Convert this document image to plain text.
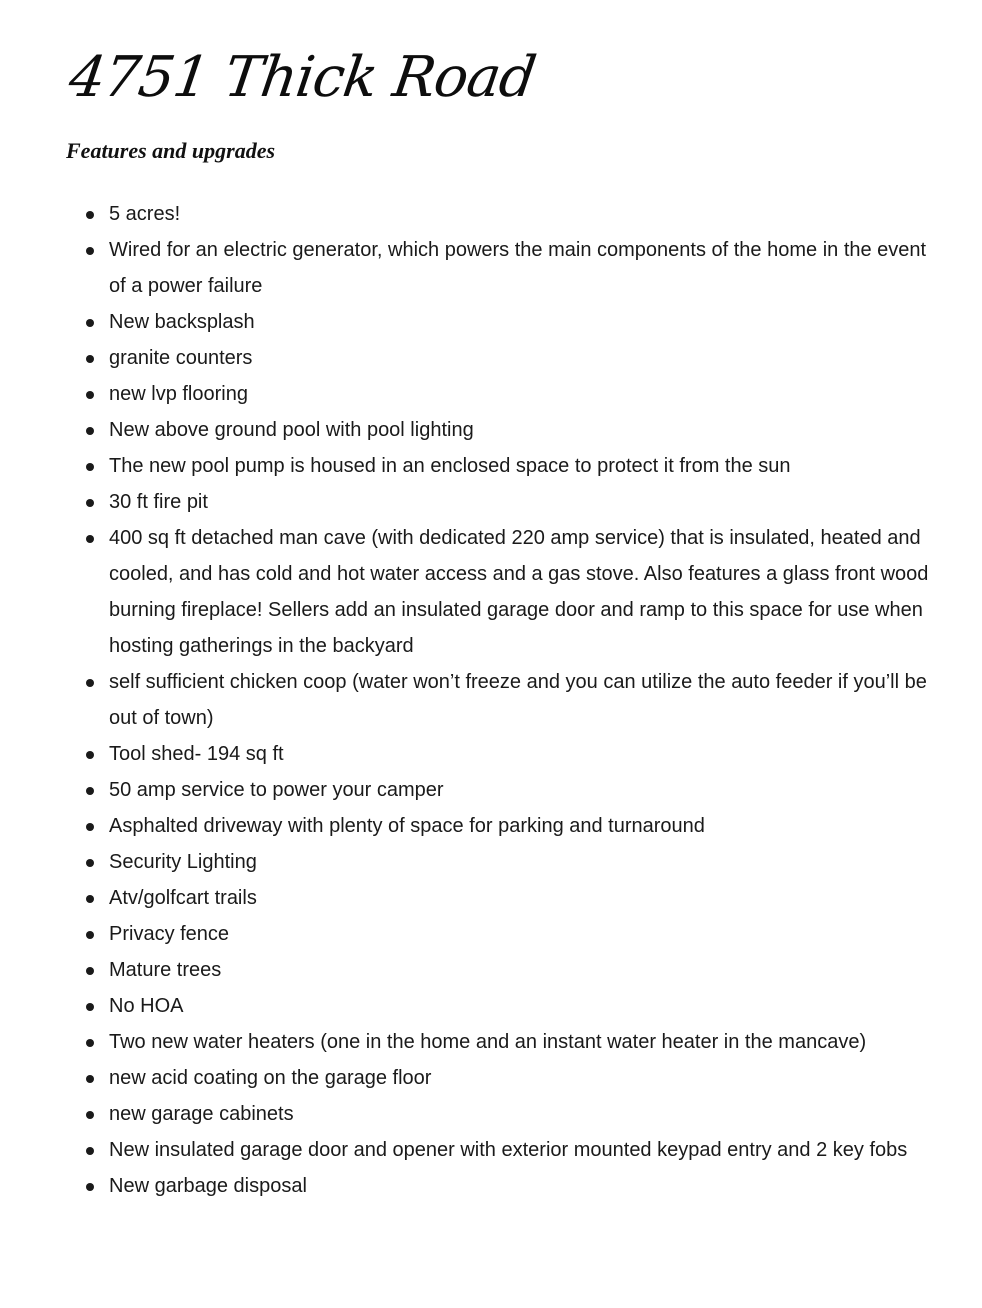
4751 Thick Road
Features and upgrades
5 acres!
Wired for an electric generator, which powers the main components of the home in the event of a power failure
New backsplash
granite counters
new lvp flooring
New above ground pool with pool lighting
The new pool pump is housed in an enclosed space to protect it from the sun
30 ft fire pit
400 sq ft detached man cave (with dedicated 220 amp service) that is insulated, heated and cooled, and has cold and hot water access and a gas stove. Also features a glass front wood burning fireplace! Sellers add an insulated garage door and ramp to this space for use when hosting gatherings in the backyard
self sufficient chicken coop (water won’t freeze and you can utilize the auto feeder if you’ll be out of town)
Tool shed- 194 sq ft
50 amp service to power your camper
Asphalted driveway with plenty of space for parking and turnaround
Security Lighting
Atv/golfcart trails
Privacy fence
Mature trees
No HOA
Two new water heaters (one in the home and an instant water heater in the mancave)
new acid coating on the garage floor
new garage cabinets
New insulated garage door and opener with exterior mounted keypad entry and 2 key fobs
New garbage disposal
